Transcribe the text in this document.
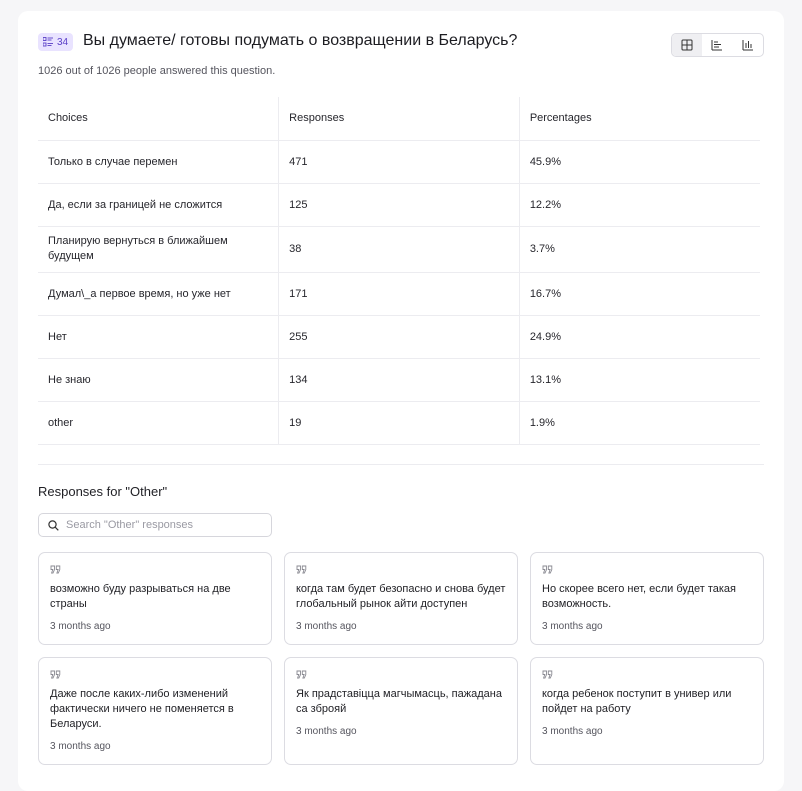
34 Вы думаете/ готовы подумать о возвращении в Беларусь?
1026 out of 1026 people answered this question.
Choices	Responses	Percentages
Только в случае перемен	471	45.9%
Да, если за границей не сложится	125	12.2%

Планирую вернуться в ближайшем будущем	38	3.7%
Думал\_а первое время, но уже нет	171	16.7%
Нет	255	24.9%
Не знаю	134	13.1%
other	19	1.9%
Responses for "Other"
Search "Other" responses
возможно буду разрываться на две страны
3 months ago
когда там будет безопасно и снова будет глобальный рынок айти доступен
3 months ago
Но скорее всего нет, если будет такая возможность.
3 months ago
Даже после каких-либо изменений фактически ничего не поменяется в Беларуси.
3 months ago
Як прадставіцца магчымасць, пажадана са зброяй
3 months ago
когда ребенок поступит в универ или пойдет на работу
3 months ago
